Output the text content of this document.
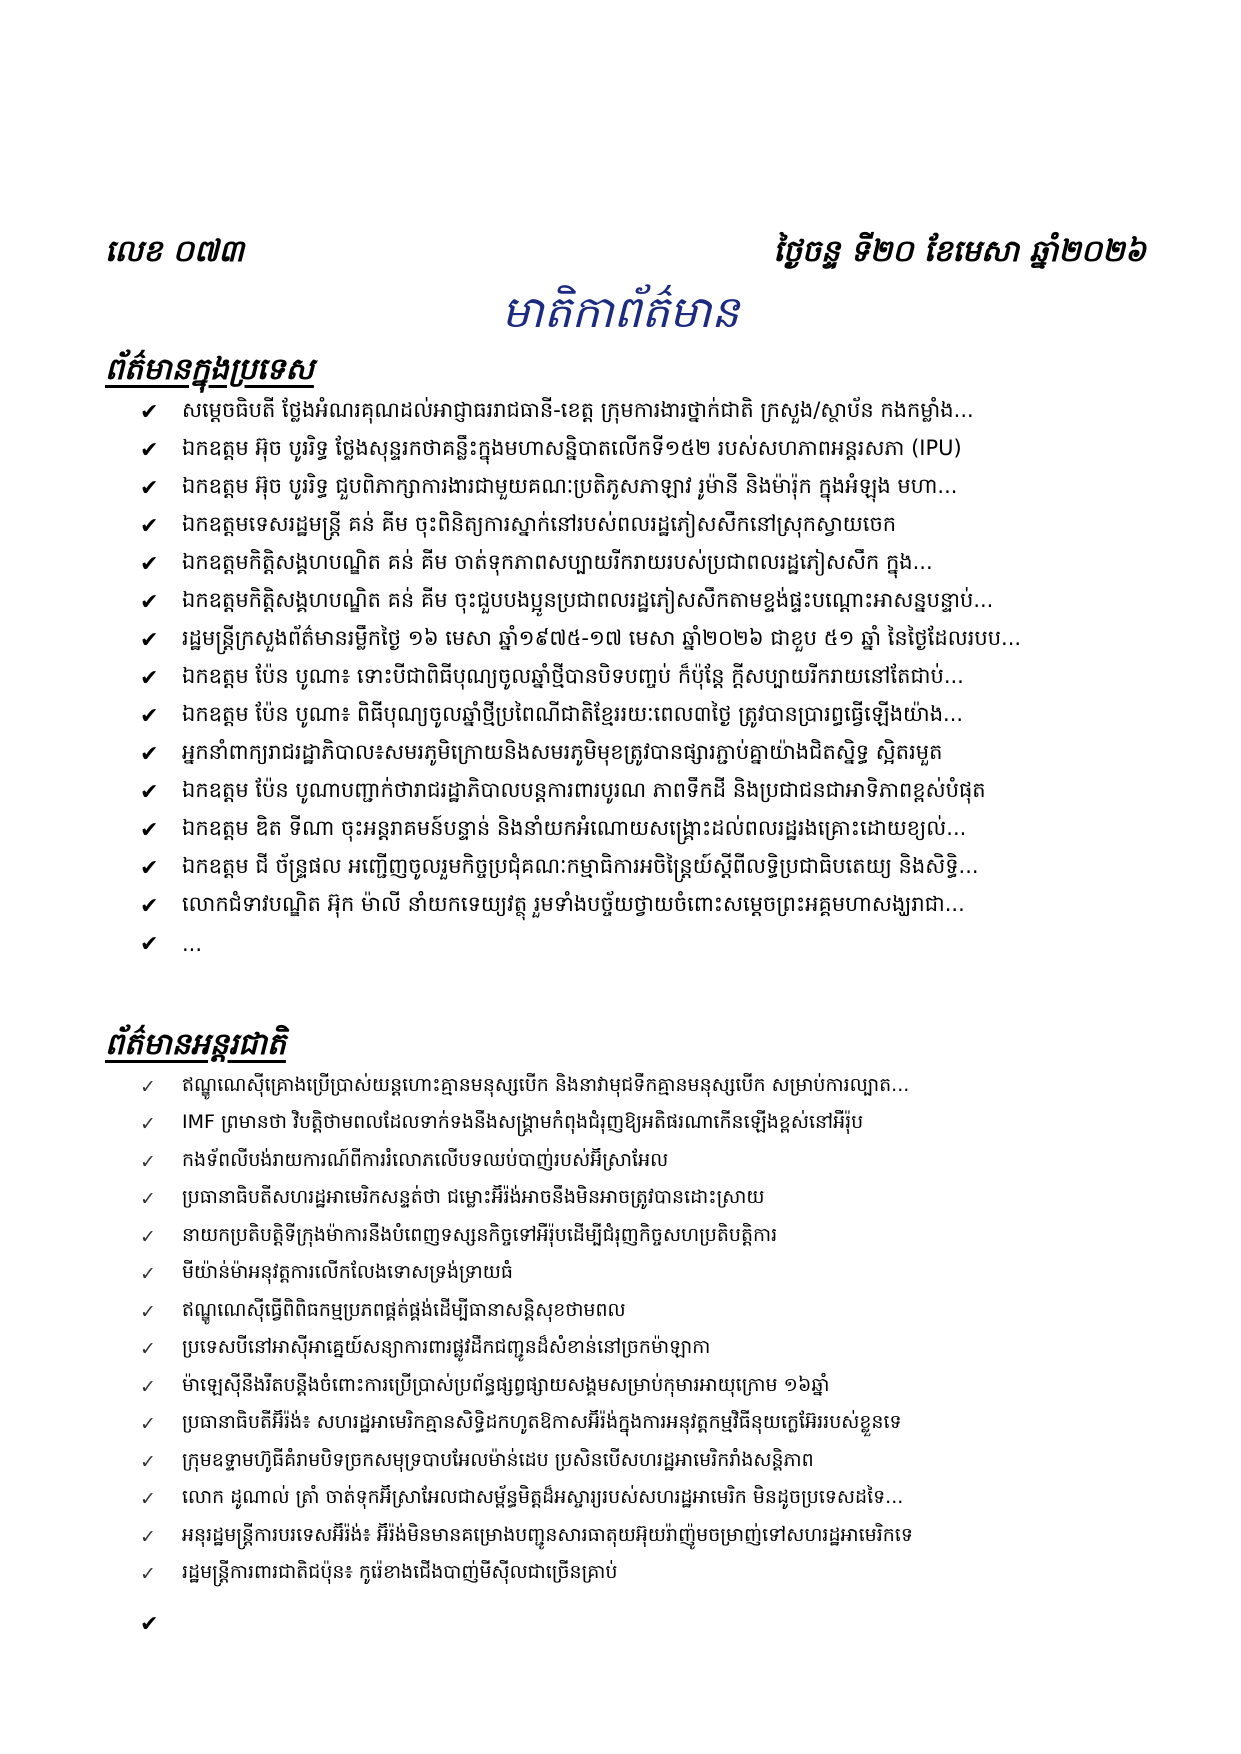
លេខ ០៧៣	ថ្ងៃចន្ទ ទី២០ ខែមេសា ឆ្នាំ២០២៦
មាតិកាព័ត៌មាន
ព័ត៌មានក្នុងប្រទេស
✔	សម្តេចធិបតី ថ្លែងអំណរគុណដល់អាជ្ញាធររាជធានី-ខេត្ត ក្រុមការងារថ្នាក់ជាតិ ក្រសួង/ស្ថាប័ន កងកម្លាំង...
✔	ឯកឧត្តម អ៊ុច បូររិទ្ធ ថ្លែងសុន្ទរកថាគន្លឹះក្នុងមហាសន្និបាតលើកទី១៥២ របស់សហភាពអន្តរសភា (IPU)
✔	ឯកឧត្តម អ៊ុច បូររិទ្ធ ជួបពិភាក្សាការងារជាមួយគណៈប្រតិភូសភាឡាវ រូម៉ានី និងម៉ារ៉ុក ក្នុងអំឡុង មហា...
✔	ឯកឧត្តមទេសរដ្ឋមន្ត្រី គន់ គីម ចុះពិនិត្យការស្នាក់នៅរបស់ពលរដ្ឋភៀសសឹកនៅស្រុកស្វាយចេក
✔	ឯកឧត្តមកិត្តិសង្គហបណ្ឌិត គន់ គីម ចាត់ទុកភាពសប្បាយរីករាយរបស់ប្រជាពលរដ្ឋភៀសសឹក ក្នុង...
✔	ឯកឧត្តមកិត្តិសង្គហបណ្ឌិត គន់ គីម ចុះជួបបងប្អូនប្រជាពលរដ្ឋភៀសសឹកតាមខ្ទង់ផ្ទះបណ្តោះអាសន្នបន្ទាប់...
✔	រដ្ឋមន្ត្រីក្រសួងព័ត៌មានរម្លឹកថ្ងៃ ១៦ មេសា ឆ្នាំ១៩៧៥-១៧ មេសា ឆ្នាំ២០២៦ ជាខួប ៥១ ឆ្នាំ នៃថ្ងៃដែលរបប...
✔	ឯកឧត្តម ប៉ែន បូណា៖ ទោះបីជាពិធីបុណ្យចូលឆ្នាំថ្មីបានបិទបញ្ចប់ ក៏ប៉ុន្តែ ក្តីសប្បាយរីករាយនៅតែជាប់...
✔	ឯកឧត្តម ប៉ែន បូណា៖ ពិធីបុណ្យចូលឆ្នាំថ្មីប្រពៃណីជាតិខ្មែររយៈពេល៣ថ្ងៃ ត្រូវបានប្រារព្ធធ្វើឡើងយ៉ាង...
✔	អ្នកនាំពាក្យរាជរដ្ឋាភិបាល៖សមរភូមិក្រោយនិងសមរភូមិមុខត្រូវបានផ្សារភ្ជាប់គ្នាយ៉ាងជិតស្និទ្ធ ស្អិតរមួត
✔	ឯកឧត្តម ប៉ែន បូណាបញ្ជាក់ថារាជរដ្ឋាភិបាលបន្តការពារបូរណ ភាពទឹកដី និងប្រជាជនជាអាទិភាពខ្ពស់បំផុត
✔	ឯកឧត្តម ឌិត ទីណា ចុះអន្តរាគមន៍បន្ទាន់ និងនាំយកអំណោយសង្គ្រោះដល់ពលរដ្ឋរងគ្រោះដោយខ្យល់...
✔	ឯកឧត្តម ជី ច័ន្ទ្រផល អញ្ជើញចូលរួមកិច្ចប្រជុំគណៈកម្មាធិការអចិន្ត្រៃយ៍ស្តីពីលទ្ធិប្រជាធិបតេយ្យ និងសិទ្ធិ...
✔	លោកជំទាវបណ្ឌិត អ៊ុក ម៉ាលី នាំយកទេយ្យវត្ថុ រួមទាំងបច្ច័យថ្វាយចំពោះសម្តេចព្រះអគ្គមហាសង្ឃរាជា...
✔	...
ព័ត៌មានអន្តរជាតិ
✓	ឥណ្ឌូណេស៊ីគ្រោងប្រើប្រាស់យន្តហោះគ្មានមនុស្សបើក និងនាវាមុជទឹកគ្មានមនុស្សបើក សម្រាប់ការល្បាត...
✓	IMF ព្រមានថា វិបត្តិថាមពលដែលទាក់ទងនឹងសង្គ្រាមកំពុងជំរុញឱ្យអតិផរណាកើនឡើងខ្ពស់នៅអឺរ៉ុប
✓	កងទ័ពលីបង់រាយការណ៍ពីការរំលោភលើបទឈប់បាញ់របស់អ៊ីស្រាអែល
✓	ប្រធានាធិបតីសហរដ្ឋអាមេរិកសន្ទត់ថា ជម្លោះអ៊ីរ៉ង់អាចនឹងមិនអាចត្រូវបានដោះស្រាយ
✓	នាយកប្រតិបត្តិទីក្រុងម៉ាការនឹងបំពេញទស្សនកិច្ចទៅអឺរ៉ុបដើម្បីជំរុញកិច្ចសហប្រតិបត្តិការ
✓	មីយ៉ាន់ម៉ាអនុវត្តការលើកលែងទោសទ្រង់ទ្រាយធំ
✓	ឥណ្ឌូណេស៊ីធ្វើពិពិធកម្មប្រភពផ្គត់ផ្គង់ដើម្បីធានាសន្តិសុខថាមពល
✓	ប្រទេសបីនៅអាស៊ីអាគ្នេយ៍សន្យាការពារផ្លូវដឹកជញ្ជូនដ៏សំខាន់នៅច្រកម៉ាឡាកា
✓	ម៉ាឡេស៊ីនឹងរឹតបន្តឹងចំពោះការប្រើប្រាស់ប្រព័ន្ធផ្សព្វផ្សាយសង្គមសម្រាប់កុមារអាយុក្រោម ១៦ឆ្នាំ
✓	ប្រធានាធិបតីអ៊ីរ៉ង់៖ សហរដ្ឋអាមេរិកគ្មានសិទ្ធិដកហូតឱកាសអ៊ីរ៉ង់ក្នុងការអនុវត្តកម្មវិធីនុយក្លេអ៊ែររបស់ខ្លួនទេ
✓	ក្រុមឧទ្ទាមហ៊ូធីគំរាមបិទច្រកសមុទ្របាបអែលម៉ាន់ដេប ប្រសិនបើសហរដ្ឋអាមេរិករាំងសន្តិភាព
✓	លោក ដូណាល់ ត្រាំ ចាត់ទុកអ៊ីស្រាអែលជាសម្ព័ន្ធមិត្តដ៏អស្ចារ្យរបស់សហរដ្ឋអាមេរិក មិនដូចប្រទេសដទៃ...
✓	អនុរដ្ឋមន្ត្រីការបរទេសអ៊ីរ៉ង់៖ អ៊ីរ៉ង់មិនមានគម្រោងបញ្ជូនសារធាតុយអ៊ុយរ៉ាញ៉ូមចម្រាញ់ទៅសហរដ្ឋអាមេរិកទេ
✓	រដ្ឋមន្ត្រីការពារជាតិជប៉ុន៖ កូរ៉េខាងជើងបាញ់មីស៊ីលជាច្រើនគ្រាប់
✔
